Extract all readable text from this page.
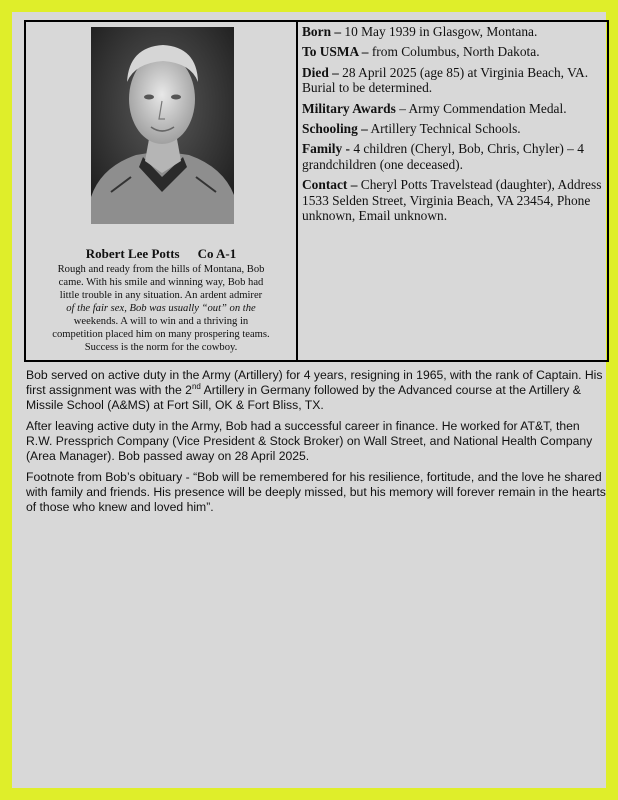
Robert Lee Potts Co A-1
Rough and ready from the hills of Montana, Bob
came. With his smile and winning way, Bob had
little trouble in any situation. An ardent admirer
of the fair sex, Bob was usually “out” on the
weekends. A will to win and a thriving in
competition placed him on many prospering teams.
Success is the norm for the cowboy.

Born – 10 May 1939 in Glasgow, Montana.

To USMA – from Columbus, North Dakota.

Died – 28 April 2025 (age 85) at Virginia Beach, VA. Burial to be determined.

Military Awards – Army Commendation Medal.

Schooling – Artillery Technical Schools.

Family - 4 children (Cheryl, Bob, Chris, Chyler) – 4 grandchildren (one deceased).

Contact – Cheryl Potts Travelstead (daughter), Address 1533 Selden Street, Virginia Beach, VA 23454, Phone unknown, Email unknown.

Bob served on active duty in the Army (Artillery) for 4 years, resigning in 1965, with the rank of Captain. His first assignment was with the 2nd Artillery in Germany followed by the Advanced course at the Artillery & Missile School (A&MS) at Fort Sill, OK & Fort Bliss, TX.

After leaving active duty in the Army, Bob had a successful career in finance. He worked for AT&T, then R.W. Pressprich Company (Vice President & Stock Broker) on Wall Street, and National Health Company (Area Manager). Bob passed away on 28 April 2025.

Footnote from Bob’s obituary - “Bob will be remembered for his resilience, fortitude, and the love he shared with family and friends. His presence will be deeply missed, but his memory will forever remain in the hearts of those who knew and loved him”.
